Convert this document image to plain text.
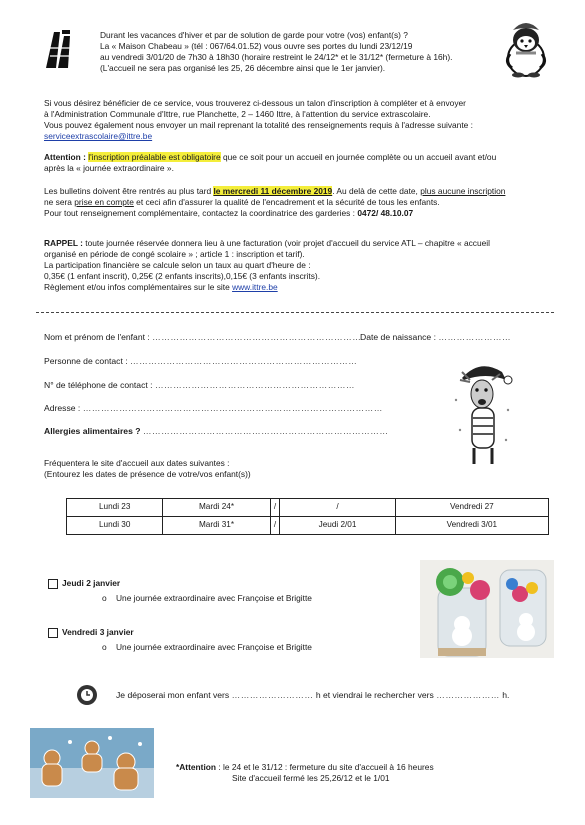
Durant les vacances d'hiver et par de solution de garde pour votre (vos) enfant(s) ?
La « Maison Chabeau » (tél : 067/64.01.52) vous ouvre ses portes du lundi 23/12/19
au vendredi 3/01/20 de 7h30 à 18h30 (horaire restreint le 24/12* et le 31/12* (fermeture à 16h).
(L'accueil ne sera pas organisé les 25, 26 décembre ainsi que le 1er janvier).
Si vous désirez bénéficier de ce service, vous trouverez ci-dessous un talon d'inscription à compléter et à envoyer
à l'Administration Communale d'Ittre, rue Planchette, 2 – 1460 Ittre, à l'attention du service extrascolaire.
Vous pouvez également nous envoyer un mail reprenant la totalité des renseignements requis à l'adresse suivante :
serviceextrascolaire@ittre.be
Attention : l'inscription préalable est obligatoire que ce soit pour un accueil en journée complète ou un accueil avant et/ou
après la « journée extraordinaire ».
Les bulletins doivent être rentrés au plus tard le mercredi 11 décembre 2019. Au delà de cette date, plus aucune inscription
ne sera prise en compte et ceci afin d'assurer la qualité de l'encadrement et la sécurité de tous les enfants.
Pour tout renseignement complémentaire, contactez la coordinatrice des garderies : 0472/ 48.10.07
RAPPEL : toute journée réservée donnera lieu à une facturation (voir projet d'accueil du service ATL – chapitre « accueil
organisé en période de congé scolaire » ; article 1 : inscription et tarif).
La participation financière se calcule selon un taux au quart d'heure de :
0,35€ (1 enfant inscrit), 0,25€ (2 enfants inscrits),0,15€ (3 enfants inscrits).
Règlement et/ou infos complémentaires sur le site www.ittre.be
Nom et prénom de l'enfant : ……………………………………………………………
Date de naissance : ……………………
Personne de contact : …………………………………………………………………
N° de téléphone de contact : …………………………………………………………
Adresse : ………………………………………………………………………………………
Allergies alimentaires ? ………………………………………………………………………
Fréquentera le site d'accueil aux dates suivantes :
(Entourez les dates de présence de votre/vos enfant(s))
Lundi 23	Mardi 24*	/	/	Vendredi 27
Lundi 30	Mardi 31*	/	Jeudi 2/01	Vendredi 3/01
Jeudi 2 janvier
o Une journée extraordinaire avec Françoise et Brigitte
Vendredi 3 janvier
o Une journée extraordinaire avec Françoise et Brigitte
Je déposerai mon enfant vers ……………………… h et viendrai le rechercher vers ………………… h.
*Attention : le 24 et le 31/12 : fermeture du site d'accueil à 16 heures
Site d'accueil fermé les 25,26/12 et le 1/01
